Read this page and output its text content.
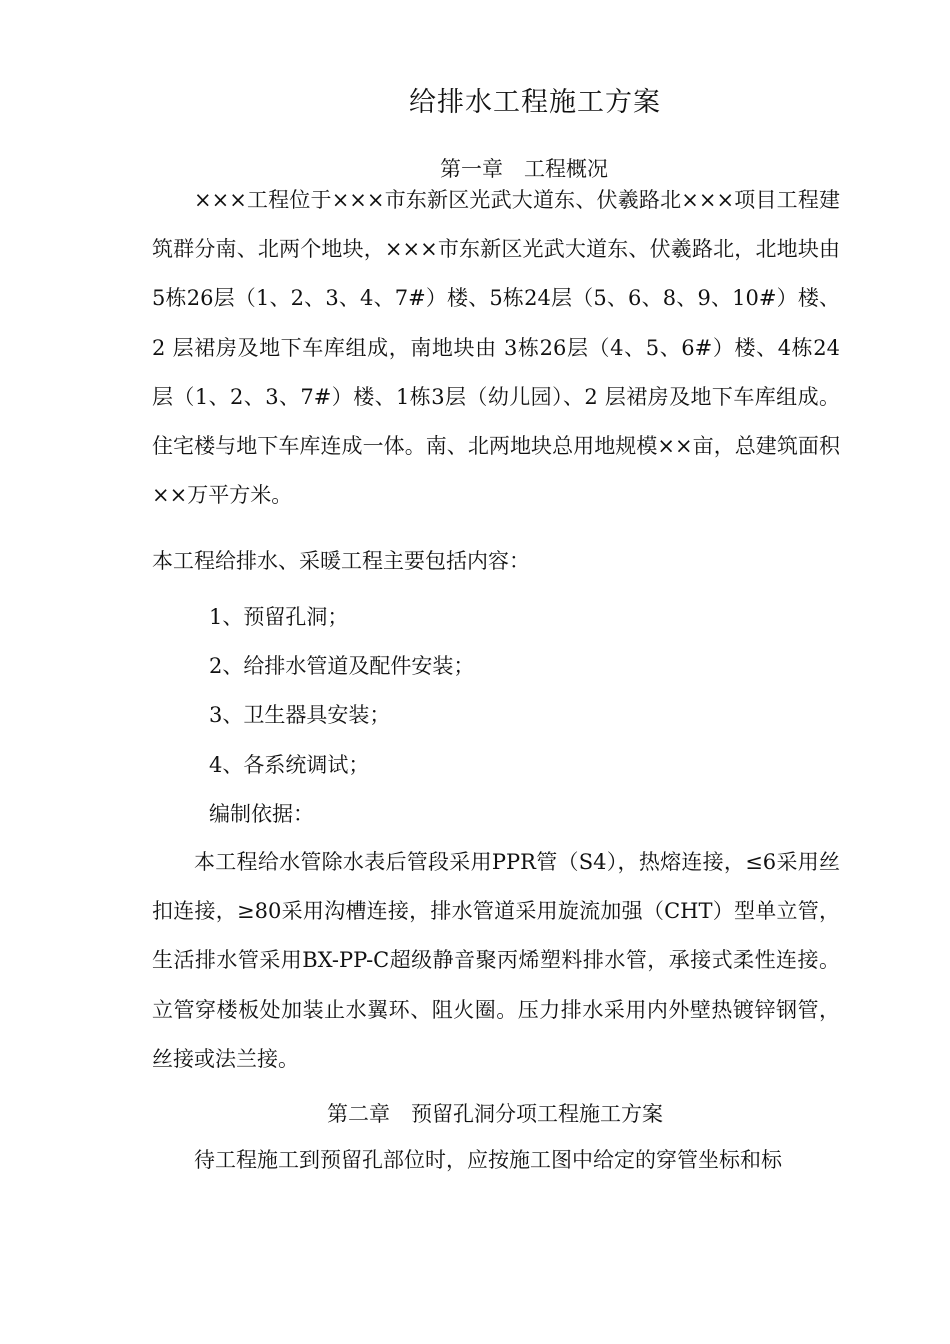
给排水工程施工方案
第一章　工程概况

×××工程位于×××市东新区光武大道东、伏羲路北×××项目工程建筑群分南、北两个地块，×××市东新区光武大道东、伏羲路北，北地块由5栋26层（1、2、3、4、7#）楼、5栋24层（5、6、8、9、10#）楼、2 层裙房及地下车库组成，南地块由 3栋26层（4、5、6#）楼、4栋24层（1、2、3、7#）楼、1栋3层（幼儿园）、2 层裙房及地下车库组成。住宅楼与地下车库连成一体。南、北两地块总用地规模××亩，总建筑面积××万平方米。

本工程给排水、采暖工程主要包括内容：

1、预留孔洞；
2、给排水管道及配件安装；
3、卫生器具安装；
4、各系统调试；

编制依据：

本工程给水管除水表后管段采用PPR管（S4），热熔连接，≤6采用丝扣连接，≥80采用沟槽连接，排水管道采用旋流加强（CHT）型单立管，生活排水管采用BX-PP-C超级静音聚丙烯塑料排水管，承接式柔性连接。立管穿楼板处加装止水翼环、阻火圈。压力排水采用内外壁热镀锌钢管，丝接或法兰接。

第二章　预留孔洞分项工程施工方案

待工程施工到预留孔部位时，应按施工图中给定的穿管坐标和标
